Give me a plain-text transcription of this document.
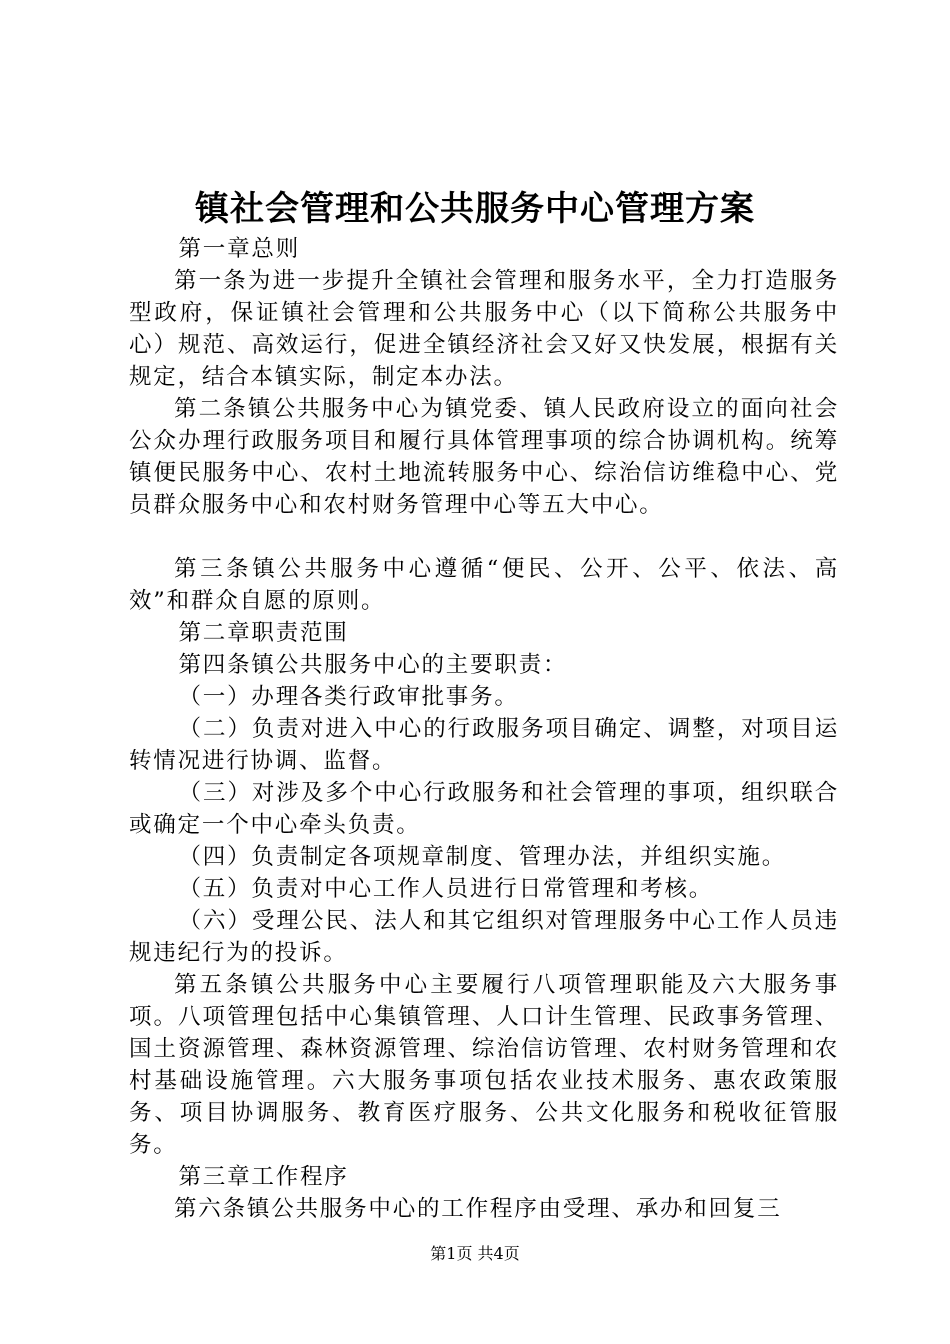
镇社会管理和公共服务中心管理方案

第一章总则

第一条为进一步提升全镇社会管理和服务水平，全力打造服务型政府，保证镇社会管理和公共服务中心（以下简称公共服务中心）规范、高效运行，促进全镇经济社会又好又快发展，根据有关规定，结合本镇实际，制定本办法。

第二条镇公共服务中心为镇党委、镇人民政府设立的面向社会公众办理行政服务项目和履行具体管理事项的综合协调机构。统筹镇便民服务中心、农村土地流转服务中心、综治信访维稳中心、党员群众服务中心和农村财务管理中心等五大中心。

第三条镇公共服务中心遵循“便民、公开、公平、依法、高效”和群众自愿的原则。

第二章职责范围

第四条镇公共服务中心的主要职责：

（一）办理各类行政审批事务。

（二）负责对进入中心的行政服务项目确定、调整，对项目运转情况进行协调、监督。

（三）对涉及多个中心行政服务和社会管理的事项，组织联合或确定一个中心牵头负责。

（四）负责制定各项规章制度、管理办法，并组织实施。

（五）负责对中心工作人员进行日常管理和考核。

（六）受理公民、法人和其它组织对管理服务中心工作人员违规违纪行为的投诉。

第五条镇公共服务中心主要履行八项管理职能及六大服务事项。八项管理包括中心集镇管理、人口计生管理、民政事务管理、国土资源管理、森林资源管理、综治信访管理、农村财务管理和农村基础设施管理。六大服务事项包括农业技术服务、惠农政策服务、项目协调服务、教育医疗服务、公共文化服务和税收征管服务。

第三章工作程序

第六条镇公共服务中心的工作程序由受理、承办和回复三

第1页 共4页
